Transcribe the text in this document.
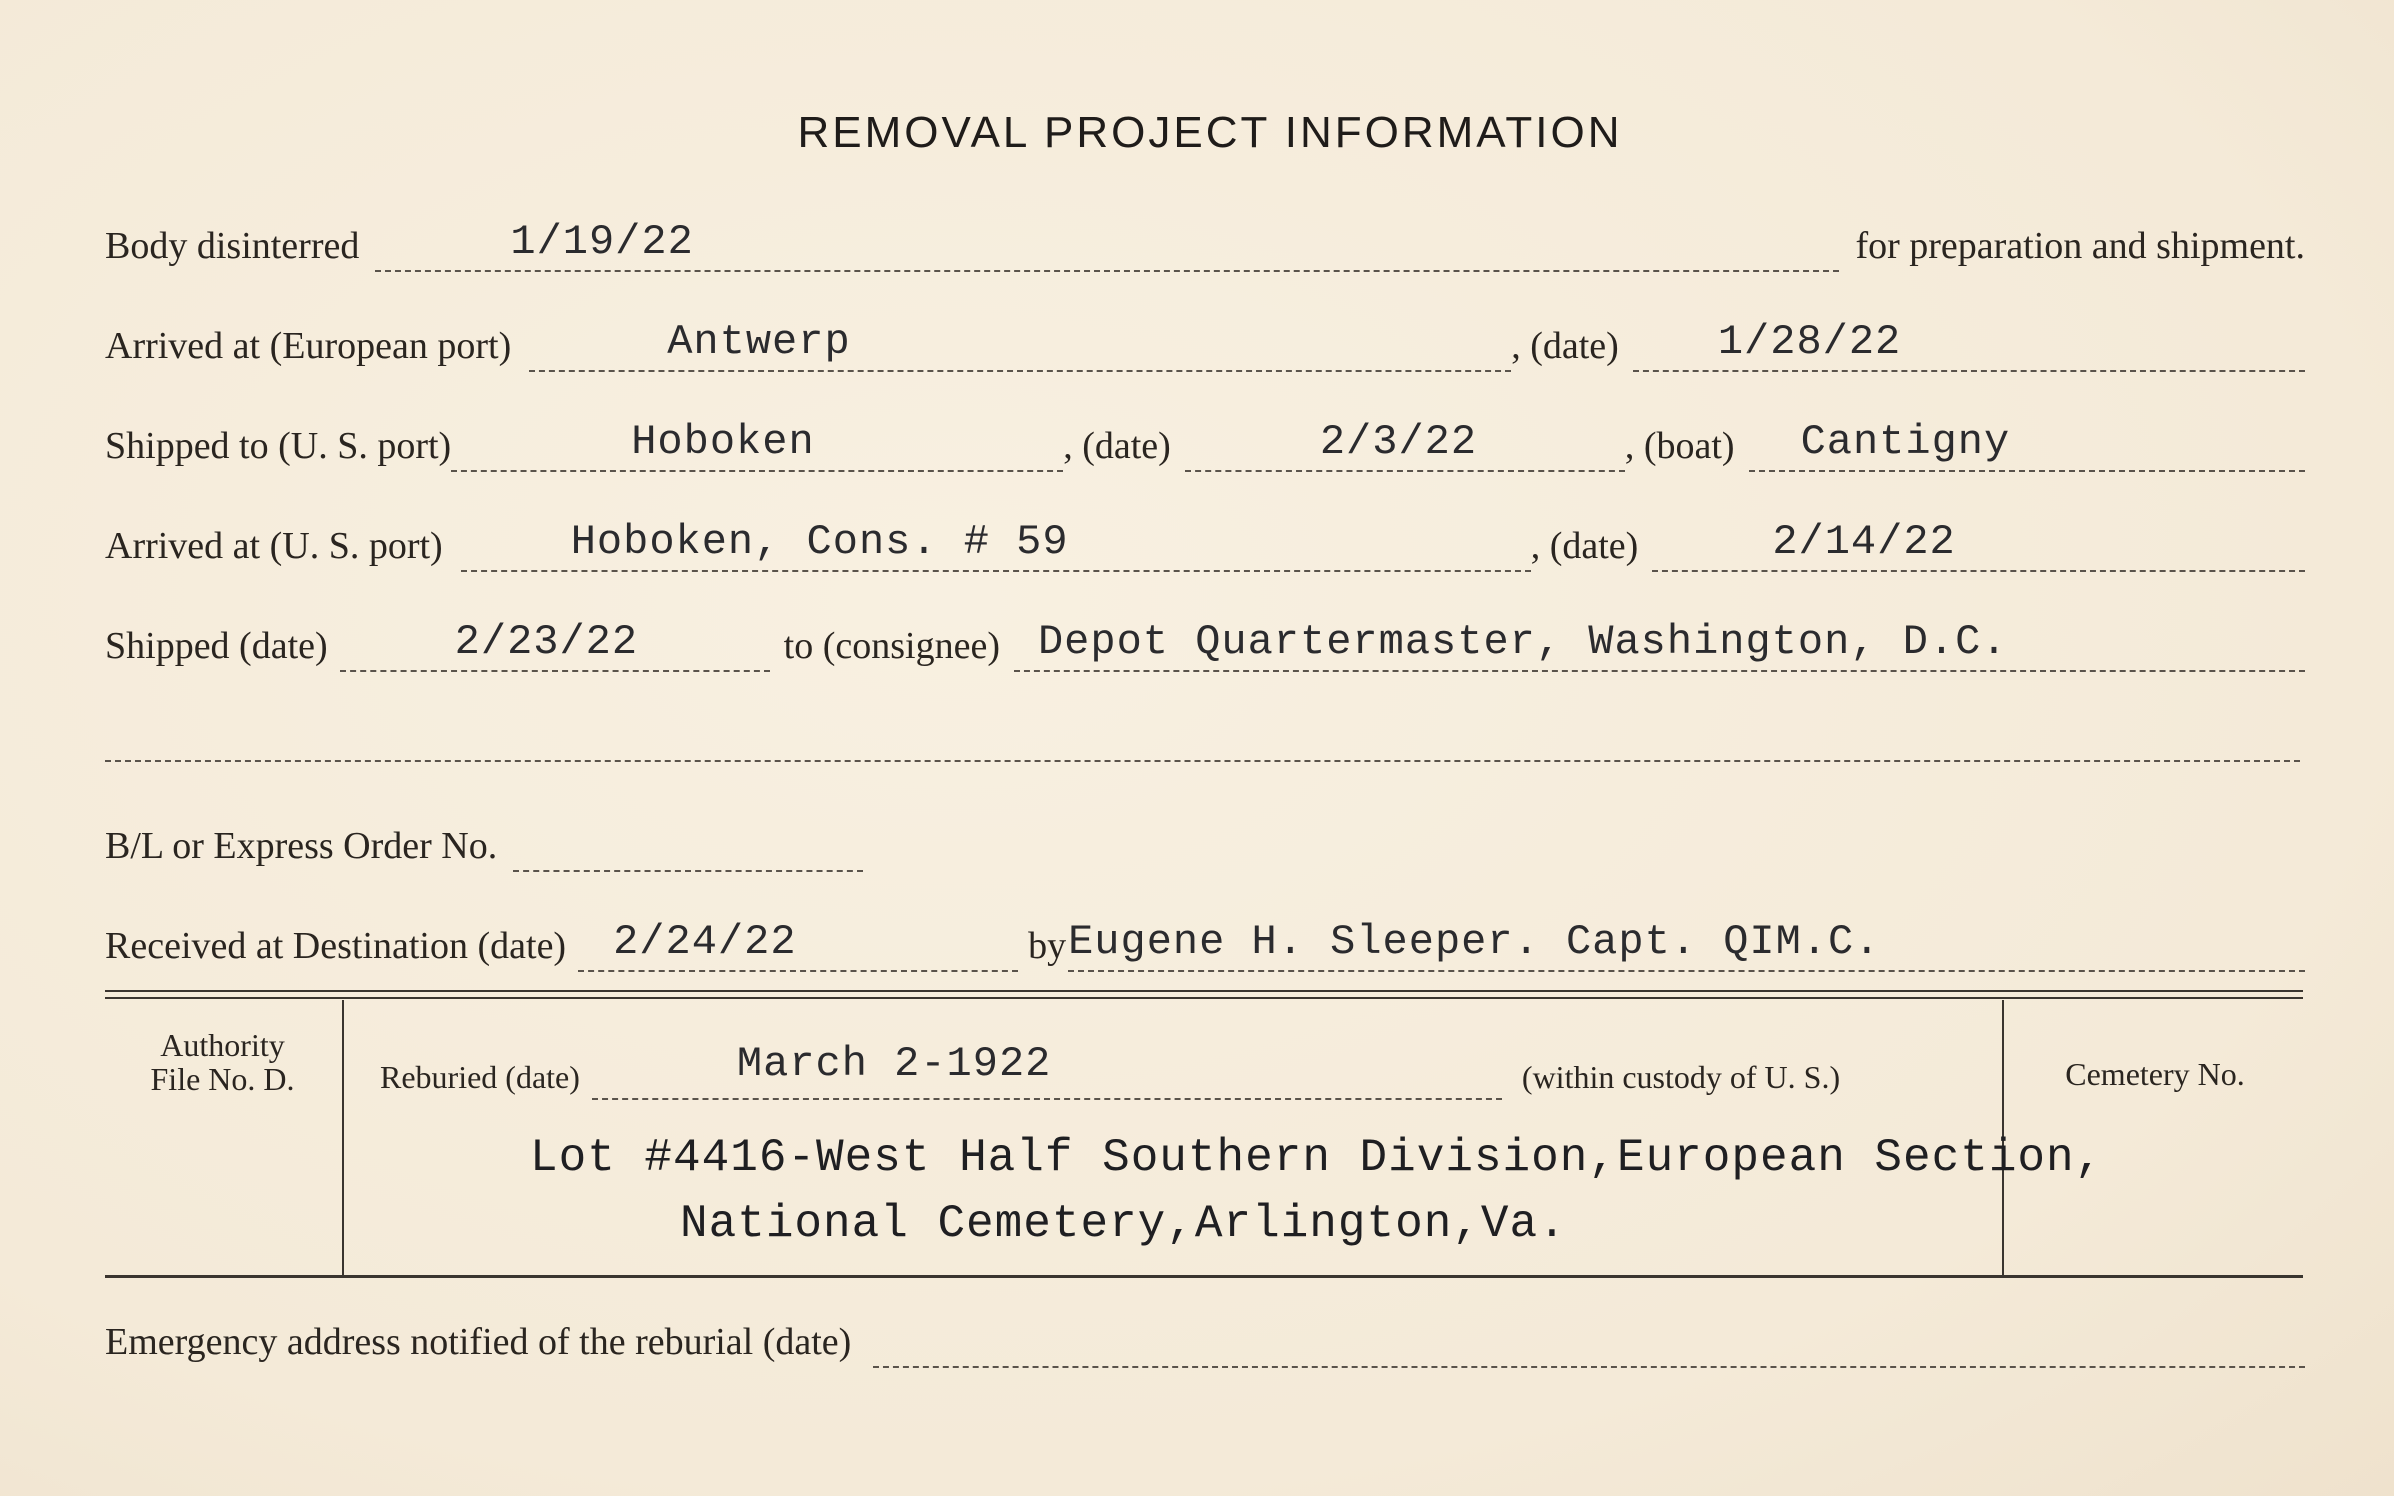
REMOVAL PROJECT INFORMATION
Body disinterred	1/19/22	for preparation and shipment.
Arrived at (European port)	Antwerp	, (date) 1/28/22
Shipped to (U. S. port)	Hoboken	, (date)	2/3/22	, (boat) Cantigny
Arrived at (U. S. port)	Hoboken, Cons. # 59	, (date)	2/14/22
Shipped (date)	2/23/22	to (consignee) Depot Quartermaster, Washington, D.C.
B/L or Express Order No.
Received at Destination (date) 2/24/22	by Eugene H. Sleeper. Capt. QIM.C.
Authority
File No. D.	Reburied (date)	March 2-1922	(within custody of U. S.)	Cemetery No.
Lot #4416-West Half Southern Division,European Section,
National Cemetery,Arlington,Va.
Emergency address notified of the reburial (date)
